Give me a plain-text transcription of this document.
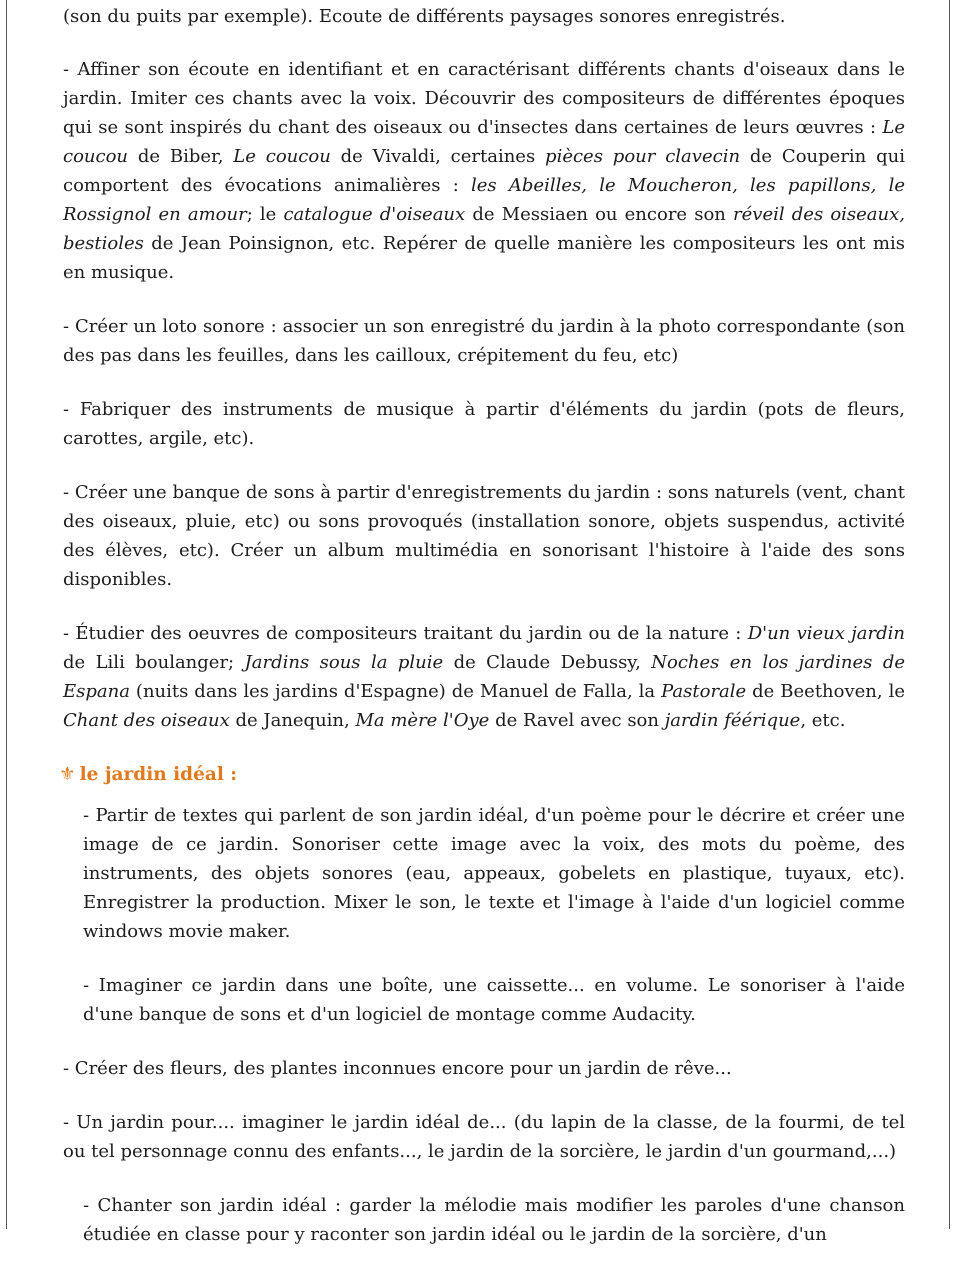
(son du puits par exemple). Ecoute de différents paysages sonores enregistrés.

- Affiner son écoute en identifiant et en caractérisant différents chants d'oiseaux dans le jardin. Imiter ces chants avec la voix. Découvrir des compositeurs de différentes époques qui se sont inspirés du chant des oiseaux ou d'insectes dans certaines de leurs œuvres : Le coucou de Biber, Le coucou de Vivaldi, certaines pièces pour clavecin de Couperin qui comportent des évocations animalières : les Abeilles, le Moucheron, les papillons, le Rossignol en amour; le catalogue d'oiseaux de Messiaen ou encore son réveil des oiseaux, bestioles de Jean Poinsignon, etc. Repérer de quelle manière les compositeurs les ont mis en musique.

- Créer un loto sonore : associer un son enregistré du jardin à la photo correspondante (son des pas dans les feuilles, dans les cailloux, crépitement du feu, etc)

- Fabriquer des instruments de musique à partir d'éléments du jardin (pots de fleurs, carottes, argile, etc).

- Créer une banque de sons à partir d'enregistrements du jardin : sons naturels (vent, chant des oiseaux, pluie, etc) ou sons provoqués (installation sonore, objets suspendus, activité des élèves, etc). Créer un album multimédia en sonorisant l'histoire à l'aide des sons disponibles.

- Étudier des oeuvres de compositeurs traitant du jardin ou de la nature : D'un vieux jardin de Lili boulanger; Jardins sous la pluie de Claude Debussy, Noches en los jardines de Espana (nuits dans les jardins d'Espagne) de Manuel de Falla, la Pastorale de Beethoven, le Chant des oiseaux de Janequin, Ma mère l'Oye de Ravel avec son jardin féérique, etc.

⚜ le jardin idéal :

- Partir de textes qui parlent de son jardin idéal, d'un poème pour le décrire et créer une image de ce jardin. Sonoriser cette image avec la voix, des mots du poème, des instruments, des objets sonores (eau, appeaux, gobelets en plastique, tuyaux, etc). Enregistrer la production. Mixer le son, le texte et l'image à l'aide d'un logiciel comme windows movie maker.

- Imaginer ce jardin dans une boîte, une caissette... en volume. Le sonoriser à l'aide d'une banque de sons et d'un logiciel de montage comme Audacity.

- Créer des fleurs, des plantes inconnues encore pour un jardin de rêve...

- Un jardin pour.... imaginer le jardin idéal de... (du lapin de la classe, de la fourmi, de tel ou tel personnage connu des enfants..., le jardin de la sorcière, le jardin d'un gourmand,...)

- Chanter son jardin idéal : garder la mélodie mais modifier les paroles d'une chanson étudiée en classe pour y raconter son jardin idéal ou le jardin de la sorcière, d'un
